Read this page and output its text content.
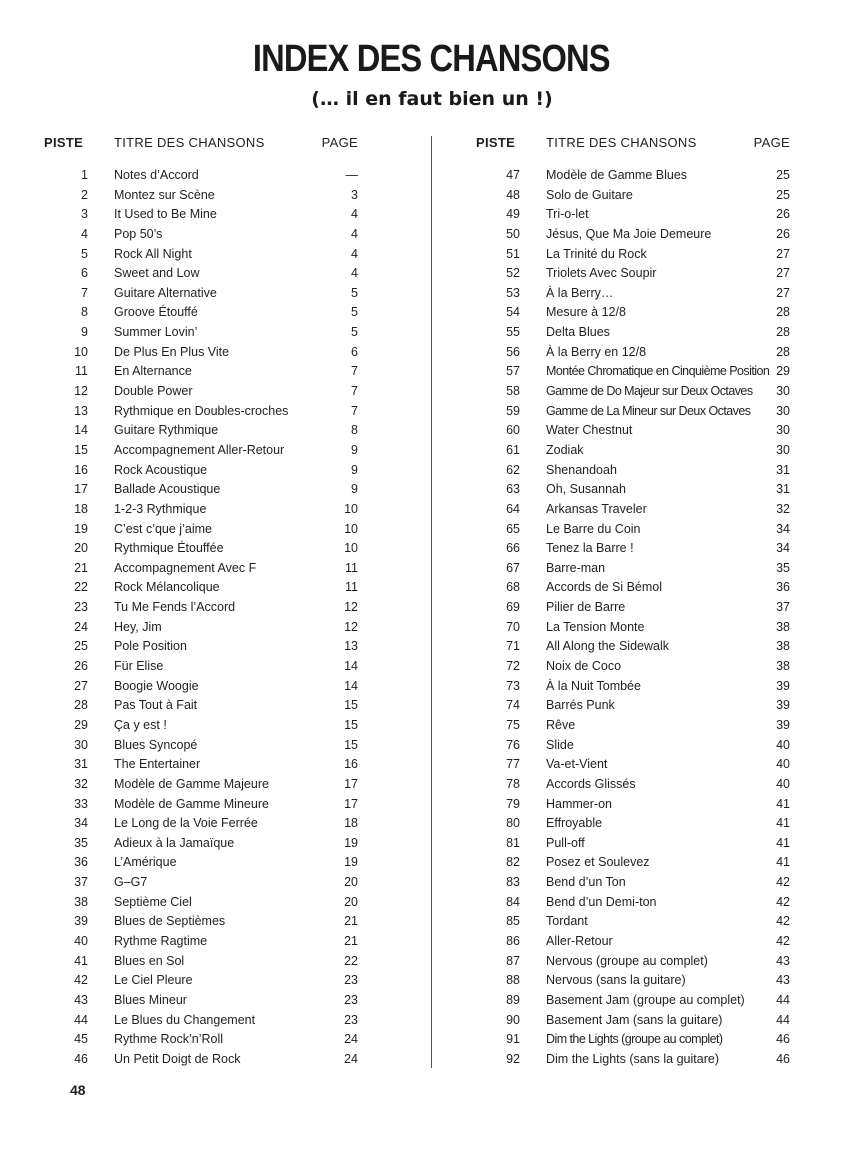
INDEX DES CHANSONS
(… il en faut bien un !)
PISTE TITRE DES CHANSONS	PAGE
1 Notes d’Accord	—
2 Montez sur Scène	3
3 It Used to Be Mine	4
4 Pop 50’s	4
5 Rock All Night	4
6 Sweet and Low	4
7 Guitare Alternative	5
8 Groove Étouffé	5
9 Summer Lovin’	5
10 De Plus En Plus Vite	6
11 En Alternance	7
12 Double Power	7
13 Rythmique en Doubles-croches	7
14 Guitare Rythmique	8
15 Accompagnement Aller-Retour	9
16 Rock Acoustique	9
17 Ballade Acoustique	9
18 1-2-3 Rythmique	10
19 C’est c’que j’aime	10
20 Rythmique Étouffée	10
21 Accompagnement Avec F	11
22 Rock Mélancolique	11
23 Tu Me Fends l’Accord	12
24 Hey, Jim	12
25 Pole Position	13
26 Für Elise	14
27 Boogie Woogie	14
28 Pas Tout à Fait	15
29 Ça y est !	15
30 Blues Syncopé	15
31 The Entertainer	16
32 Modèle de Gamme Majeure	17
33 Modèle de Gamme Mineure	17
34 Le Long de la Voie Ferrée	18
35 Adieux à la Jamaïque	19
36 L’Amérique	19
37 G–G7	20
38 Septième Ciel	20
39 Blues de Septièmes	21
40 Rythme Ragtime	21
41 Blues en Sol	22
42 Le Ciel Pleure	23
43 Blues Mineur	23
44 Le Blues du Changement	23
45 Rythme Rock’n’Roll	24
46 Un Petit Doigt de Rock	24
PISTE TITRE DES CHANSONS	PAGE
47 Modèle de Gamme Blues	25
48 Solo de Guitare	25
49 Tri-o-let	26
50 Jésus, Que Ma Joie Demeure	26
51 La Trinité du Rock	27
52 Triolets Avec Soupir	27
53 À la Berry…	27
54 Mesure à 12/8	28
55 Delta Blues	28
56 À la Berry en 12/8	28
57 Montée Chromatique en Cinquième Position 29
58 Gamme de Do Majeur sur Deux Octaves 30
59 Gamme de La Mineur sur Deux Octaves 30
60 Water Chestnut	30
61 Zodiak	30
62 Shenandoah	31
63 Oh, Susannah	31
64 Arkansas Traveler	32
65 Le Barre du Coin	34
66 Tenez la Barre !	34
67 Barre-man	35
68 Accords de Si Bémol	36
69 Pilier de Barre	37
70 La Tension Monte	38
71 All Along the Sidewalk	38
72 Noix de Coco	38
73 À la Nuit Tombée	39
74 Barrés Punk	39
75 Rêve	39
76 Slide	40
77 Va-et-Vient	40
78 Accords Glissés	40
79 Hammer-on	41
80 Effroyable	41
81 Pull-off	41
82 Posez et Soulevez	41
83 Bend d’un Ton	42
84 Bend d’un Demi-ton	42
85 Tordant	42
86 Aller-Retour	42
87 Nervous (groupe au complet)	43
88 Nervous (sans la guitare)	43
89 Basement Jam (groupe au complet)	44
90 Basement Jam (sans la guitare)	44
91 Dim the Lights (groupe au complet)	46
92 Dim the Lights (sans la guitare)	46
48
